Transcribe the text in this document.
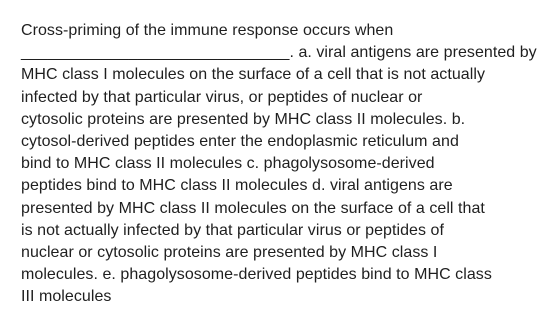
Cross-priming of the immune response occurs when
______________________________. a. viral antigens are presented by
MHC class I molecules on the surface of a cell that is not actually
infected by that particular virus, or peptides of nuclear or
cytosolic proteins are presented by MHC class II molecules. b.
cytosol-derived peptides enter the endoplasmic reticulum and
bind to MHC class II molecules c. phagolysosome-derived
peptides bind to MHC class II molecules d. viral antigens are
presented by MHC class II molecules on the surface of a cell that
is not actually infected by that particular virus or peptides of
nuclear or cytosolic proteins are presented by MHC class I
molecules. e. phagolysosome-derived peptides bind to MHC class
III molecules
